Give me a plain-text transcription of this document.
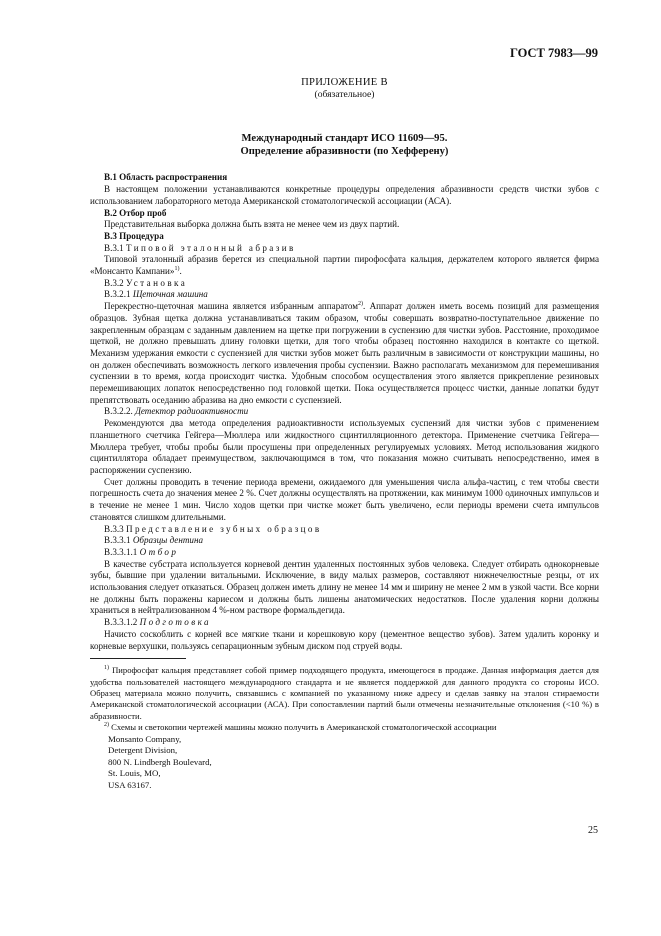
ГОСТ 7983—99

ПРИЛОЖЕНИЕ В

(обязательное)

Международный стандарт ИСО 11609—95.

Определение абразивности (по Хефферену)

В.1 Область распространения

В настоящем положении устанавливаются конкретные процедуры определения абразивности средств чистки зубов с использованием лабораторного метода Американской стоматологической ассоциации (АСА).

В.2 Отбор проб

Представительная выборка должна быть взята не менее чем из двух партий.

В.3 Процедура

В.3.1 Типовой эталонный абразив

Типовой эталонный абразив берется из специальной партии пирофосфата кальция, держателем которого является фирма «Монсанто Кампани»$^{1)}$.

В.3.2 Установка

В.3.2.1 Щеточная машина

Перекрестно-щеточная машина является избранным аппаратом$^{2)}$. Аппарат должен иметь восемь позиций для размещения образцов. Зубная щетка должна устанавливаться таким образом, чтобы совершать возвратно-поступательное движение по закрепленным образцам с заданным давлением на щетке при погружении в суспензию для чистки зубов. Расстояние, проходимое щеткой, не должно превышать длину головки щетки, для того чтобы образец постоянно находился в контакте со щеткой. Механизм удержания емкости с суспензией для чистки зубов может быть различным в зависимости от конструкции машины, но он должен обеспечивать возможность легкого извлечения пробы суспензии. Важно располагать механизмом для перемешивания суспензии в то время, когда происходит чистка. Удобным способом осуществления этого является прикрепление резиновых перемешивающих лопаток непосредственно под головкой щетки. Пока осуществляется процесс чистки, данные лопатки будут препятствовать оседанию абразива на дно емкости с суспензией.

В.3.2.2. Детектор радиоактивности

Рекомендуются два метода определения радиоактивности используемых суспензий для чистки зубов с применением планшетного счетчика Гейгера—Мюллера или жидкостного сцинтилляционного детектора. Применение счетчика Гейгера—Мюллера требует, чтобы пробы были просушены при определенных регулируемых условиях. Метод использования жидкого сцинтиллятора обладает преимуществом, заключающимся в том, что показания можно считывать непосредственно, имея в распоряжении суспензию.

Счет должны проводить в течение периода времени, ожидаемого для уменьшения числа альфа-частиц, с тем чтобы свести погрешность счета до значения менее 2 %. Счет должны осуществлять на протяжении, как минимум 1000 одиночных импульсов и в течение не менее 1 мин. Число ходов щетки при чистке может быть увеличено, если периоды времени счета импульсов становятся слишком длительными.

В.3.3 Представление зубных образцов

В.3.3.1 Образцы дентина

В.3.3.1.1 Отбор

В качестве субстрата используется корневой дентин удаленных постоянных зубов человека. Следует отбирать однокорневые зубы, бывшие при удалении витальными. Исключение, в виду малых размеров, составляют нижнечелюстные резцы, от их использования следует отказаться. Образец должен иметь длину не менее 14 мм и ширину не менее 2 мм в узкой части. Все корни не должны быть поражены кариесом и должны быть лишены анатомических недостатков. После удаления корни должны храниться в нейтрализованном 4 %-ном растворе формальдегида.

В.3.3.1.2 Подготовка

Начисто соскоблить с корней все мягкие ткани и корешковую кору (цементное вещество зубов). Затем удалить коронку и корневые верхушки, пользуясь сепарационным зубным диском под струей воды.

$^{1)}$ Пирофосфат кальция представляет собой пример подходящего продукта, имеющегося в продаже. Данная информация дается для удобства пользователей настоящего международного стандарта и не является поддержкой для данного продукта со стороны ИСО. Образец материала можно получить, связавшись с компанией по указанному ниже адресу и сделав заявку на эталон стираемости Американской стоматологической ассоциации (АСА). При сопоставлении партий были отмечены незначительные отклонения (<10 %) в абразивности.

$^{2)}$ Схемы и светокопии чертежей машины можно получить в Американской стоматологической ассоциации

Monsanto Company,
Detergent Division,
800 N. Lindbergh Boulevard,
St. Louis, MO,
USA 63167.
25
